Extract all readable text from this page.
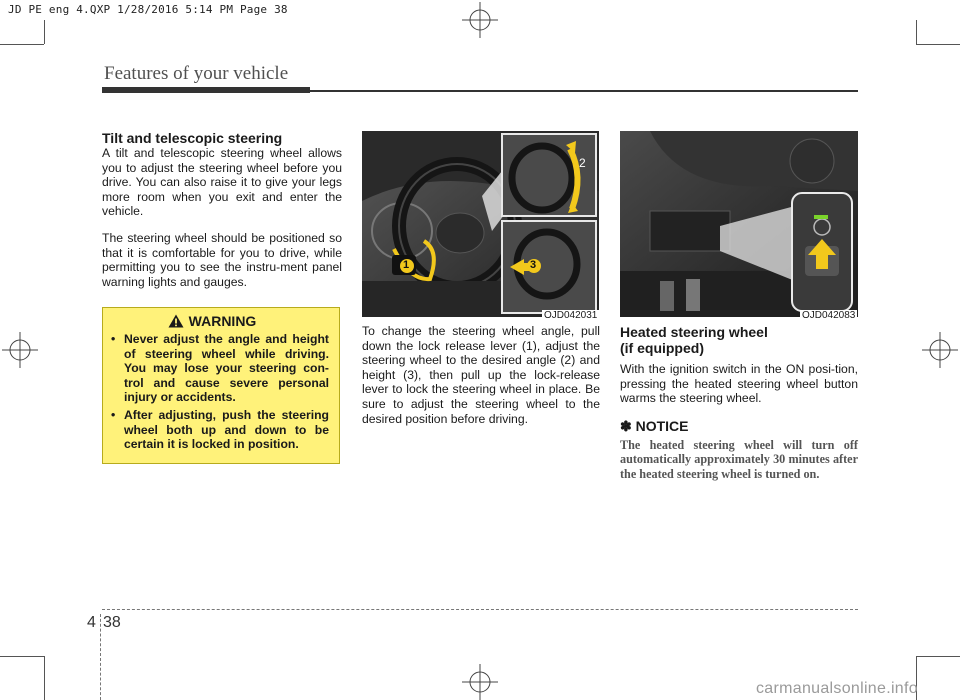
JD PE eng 4.QXP 1/28/2016 5:14 PM Page 38
Features of your vehicle
Tilt and telescopic steering
A tilt and telescopic steering wheel allows you to adjust the steering wheel before you drive. You can also raise it to give your legs more room when you exit and enter the vehicle.
The steering wheel should be positioned so that it is comfortable for you to drive, while permitting you to see the instru-ment panel warning lights and gauges.
WARNING
• Never adjust the angle and height of steering wheel while driving. You may lose your steering con-trol and cause severe personal injury or accidents.
• After adjusting, push the steering wheel both up and down to be certain it is locked in position.
1
2
3
OJD042031	OJD042083
To change the steering wheel angle, pull down the lock release lever (1), adjust the steering wheel to the desired angle (2) and height (3), then pull up the lock-release lever to lock the steering wheel in place. Be sure to adjust the steering wheel to the desired position before driving.
Heated steering wheel
(if equipped)
With the ignition switch in the ON posi-tion, pressing the heated steering wheel button warms the steering wheel.
✽ NOTICE
The heated steering wheel will turn off automatically approximately 30 minutes after the heated steering wheel is turned on.
4 38
carmanualsonline.info
